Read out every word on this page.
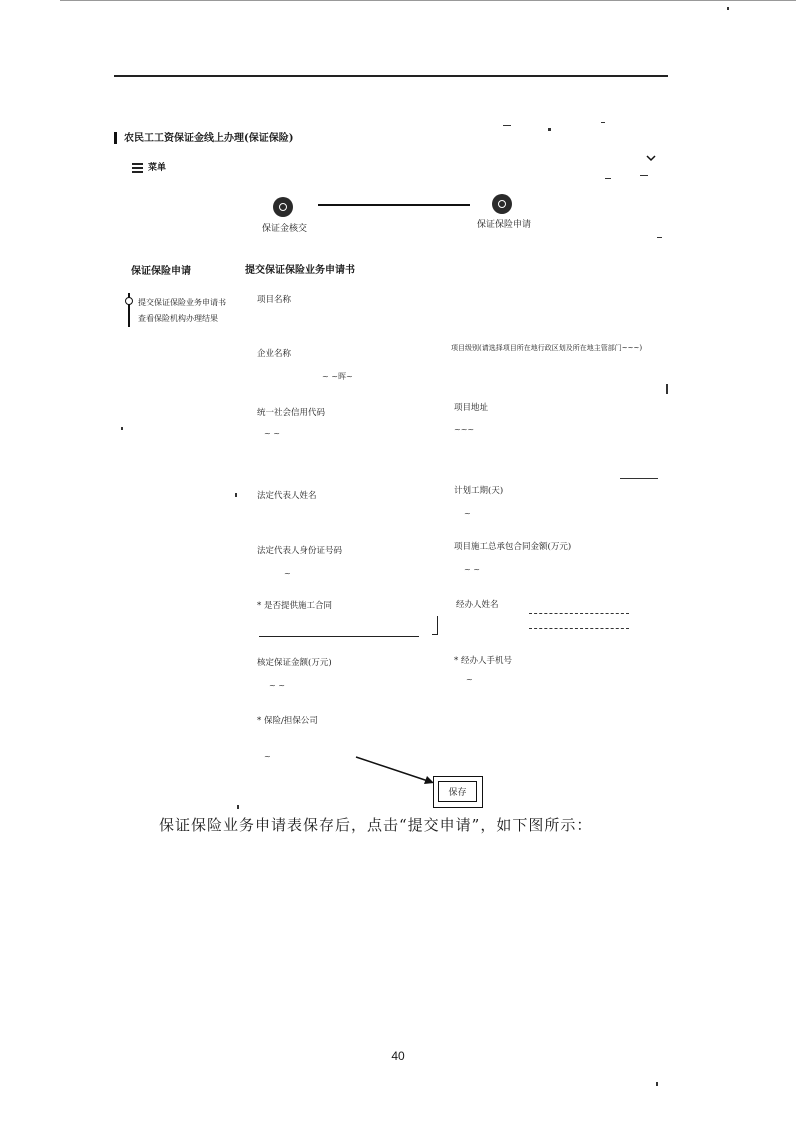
农民工工资保证金线上办理(保证保险)
菜单
保证金核交	保证保险申请
保证保险申请
提交保证保险业务申请书
查看保险机构办理结果
提交保证保险业务申请书
项目名称
企业名称
~ ~晖~
统一社会信用代码
~ ~
法定代表人姓名
法定代表人身份证号码
~
* 是否提供施工合同
核定保证金额(万元)
~ ~
* 保险/担保公司
~
项目级别(请选择项目所在地行政区划及所在地主管部门~~~)
项目地址
~~~
计划工期(天)
~
项目施工总承包合同金额(万元)
~ ~
经办人姓名
* 经办人手机号
~
保存
保证保险业务申请表保存后，点击“提交申请”，如下图所示：
40
